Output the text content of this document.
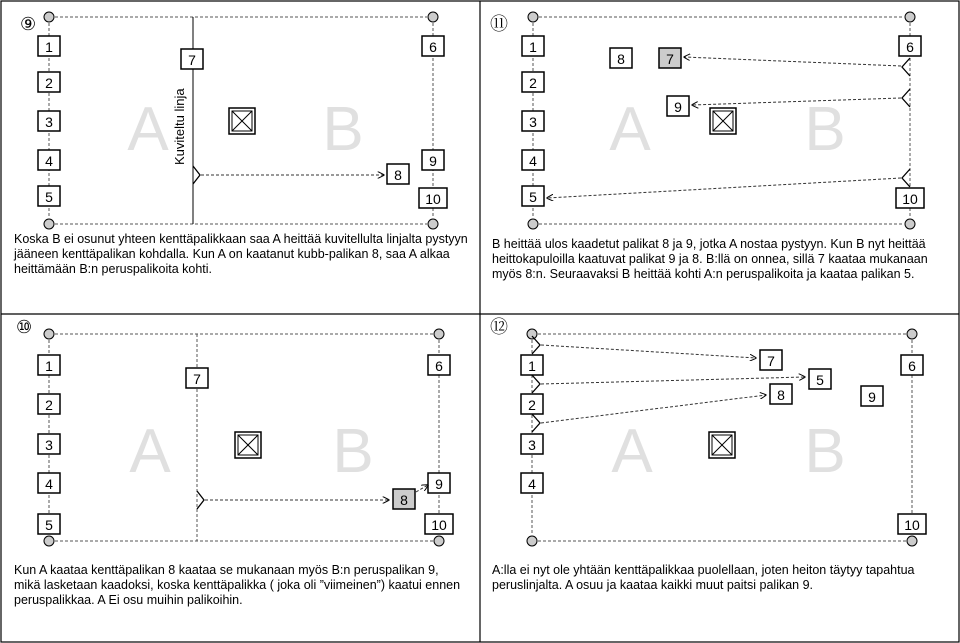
⑨
Kuviteltu linja
A B
1
2
3
4
5
6
9
10
7
8
⑪
A B
1
2
3
4
5
6
10
8	7
9
⑩
A	B
1
2
3
4
5
6
9
10
7
8
⑫
A B
1
2
3
4
6
10
7
5
8	9
Koska B ei osunut yhteen kenttäpalikkaan saa A heittää kuvitellulta linjalta pystyyn jääneen kenttäpalikan kohdalla. Kun A on kaatanut kubb-palikan 8, saa A alkaa heittämään B:n peruspalikoita kohti.
B heittää ulos kaadetut palikat 8 ja 9, jotka A nostaa pystyyn. Kun B nyt heittää heittokapuloilla kaatuvat palikat 9 ja 8. B:llä on onnea, sillä 7 kaataa mukanaan myös 8:n. Seuraavaksi B heittää kohti A:n peruspalikoita ja kaataa palikan 5.
Kun A kaataa kenttäpalikan 8 kaataa se mukanaan myös B:n peruspalikan 9, mikä lasketaan kaadoksi, koska kenttäpalikka ( joka oli ”viimeinen”) kaatui ennen peruspalikkaa. A Ei osu muihin palikoihin.
A:lla ei nyt ole yhtään kenttäpalikkaa puolellaan, joten heiton täytyy tapahtua peruslinjalta. A osuu ja kaataa kaikki muut paitsi palikan 9.
